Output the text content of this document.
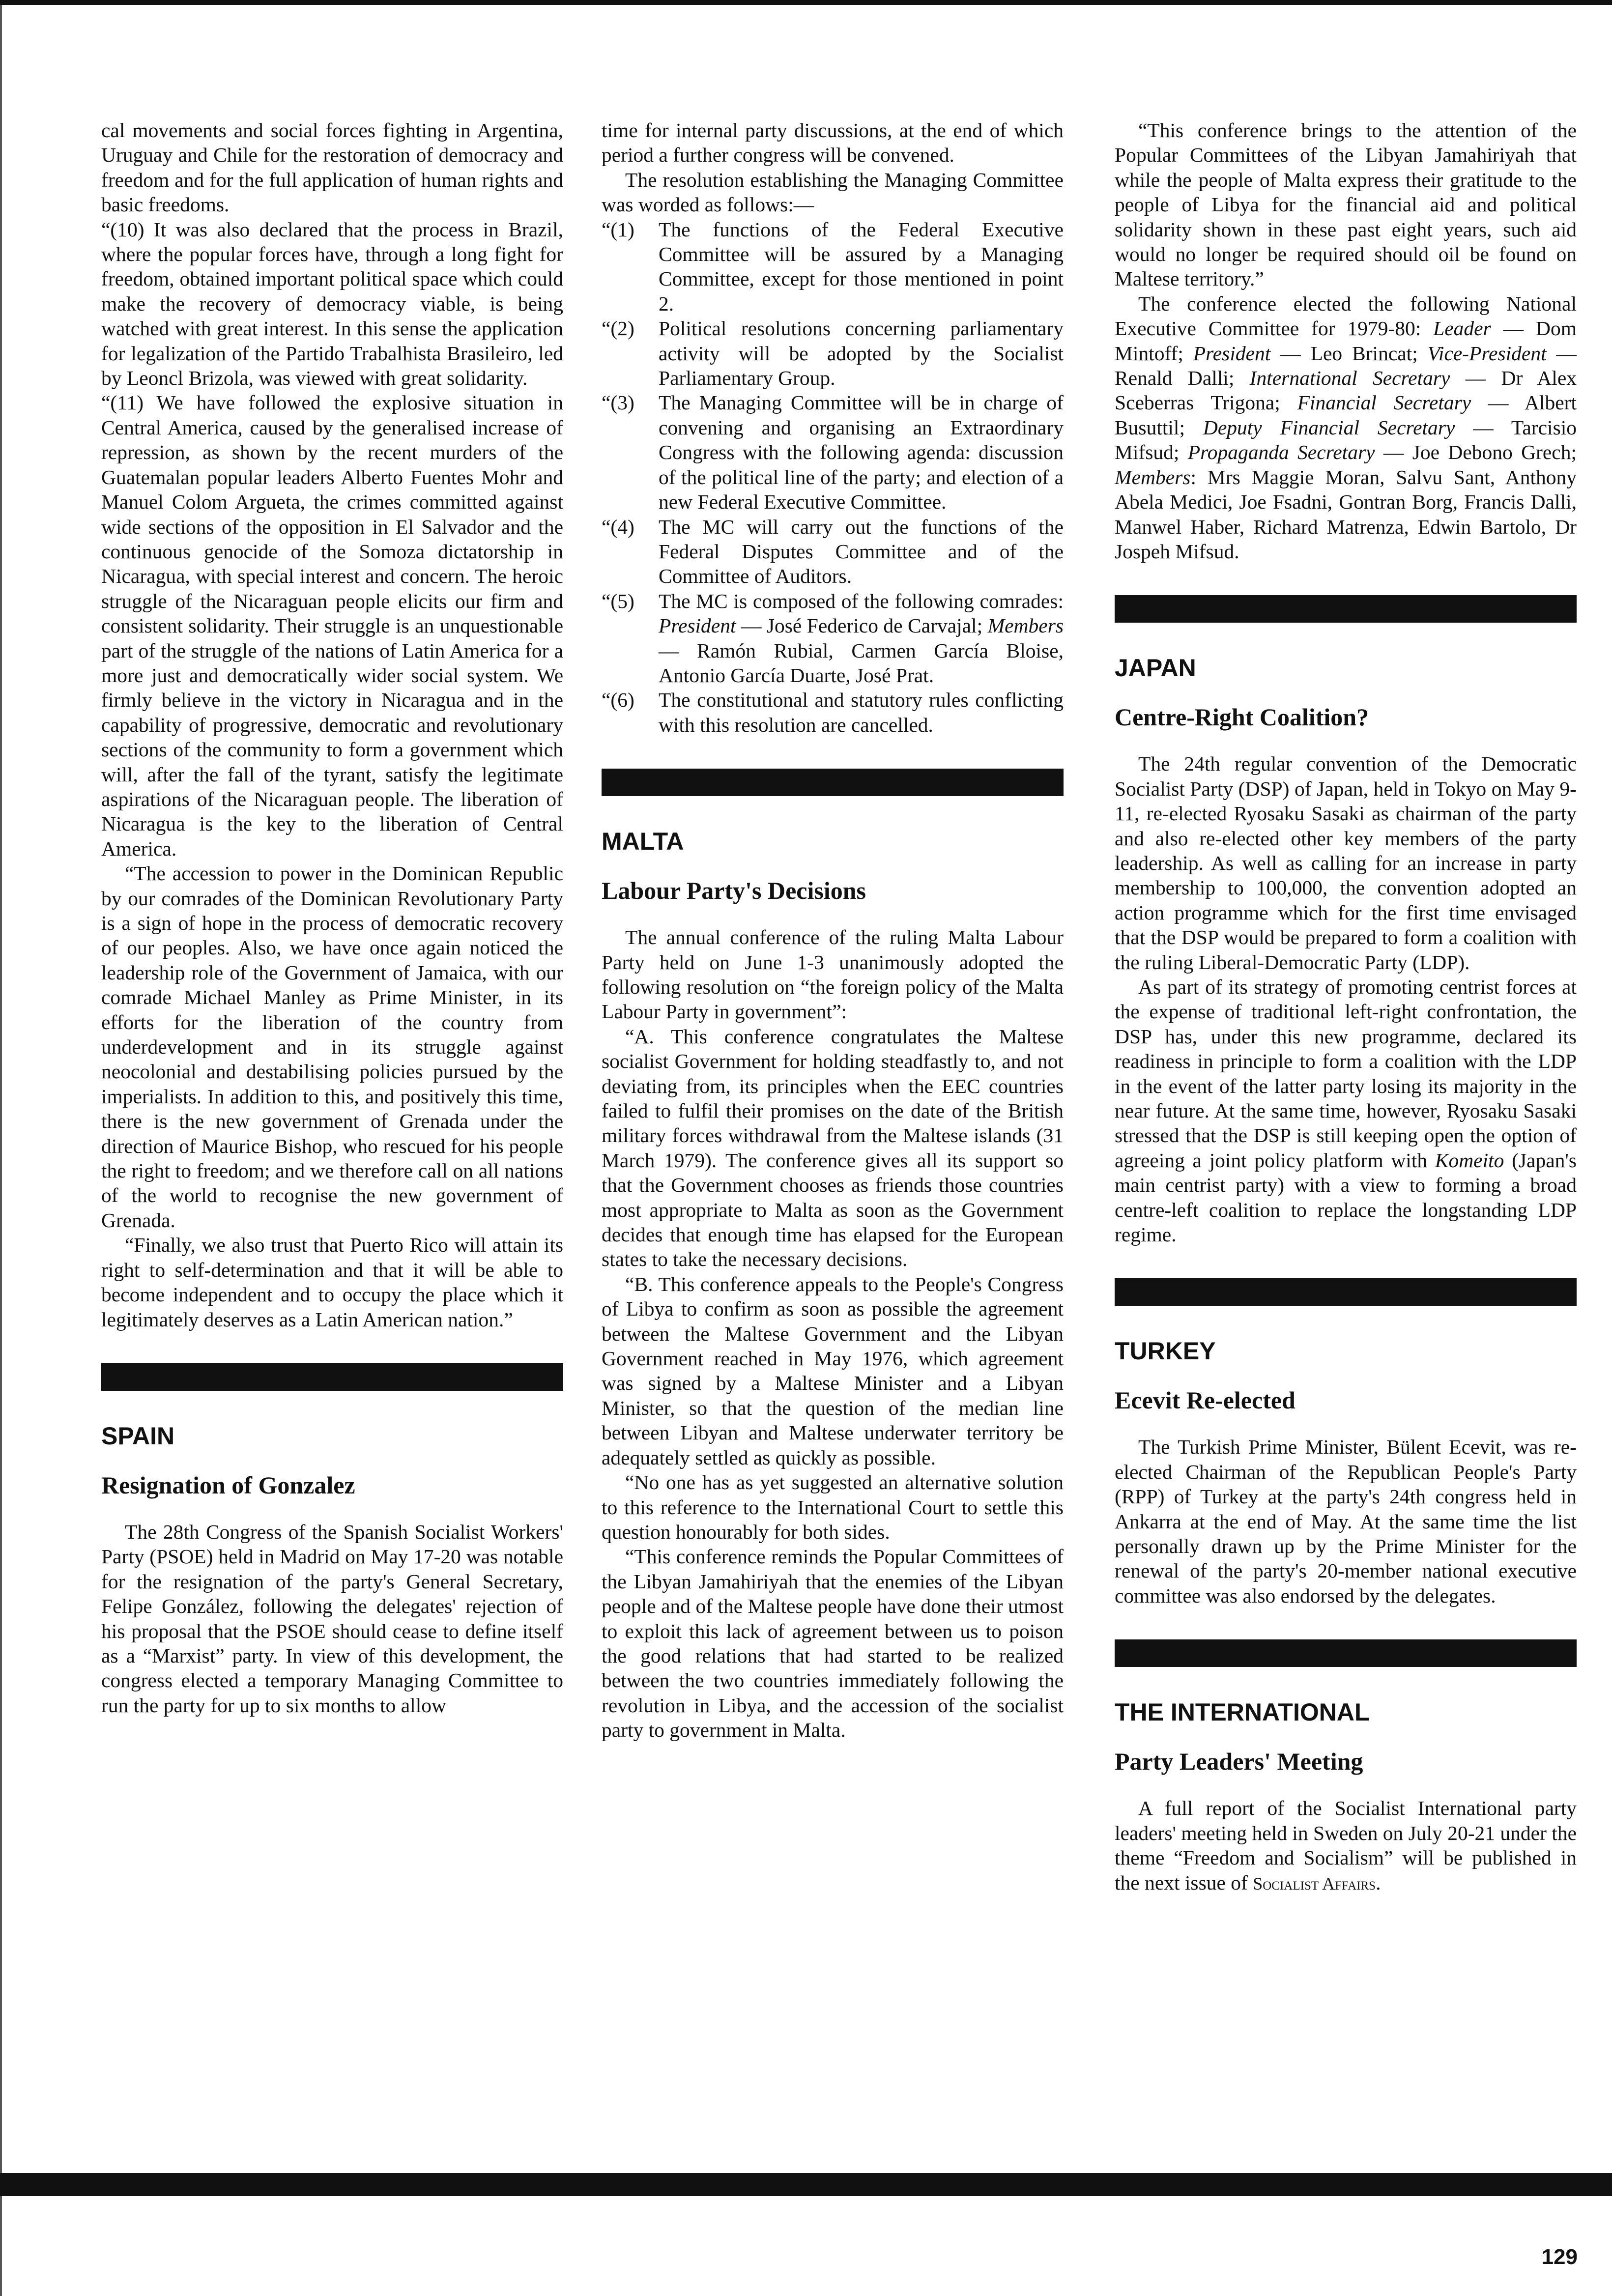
cal movements and social forces fighting in Argentina, Uruguay and Chile for the restoration of democracy and freedom and for the full application of human rights and basic freedoms.

“(10) It was also declared that the process in Brazil, where the popular forces have, through a long fight for freedom, obtained important political space which could make the recovery of democracy viable, is being watched with great interest. In this sense the application for legalization of the Partido Trabalhista Brasileiro, led by Leoncl Brizola, was viewed with great solidarity.

“(11) We have followed the explosive situation in Central America, caused by the generalised increase of repression, as shown by the recent murders of the Guatemalan popular leaders Alberto Fuentes Mohr and Manuel Colom Argueta, the crimes committed against wide sections of the opposition in El Salvador and the continuous genocide of the Somoza dictatorship in Nicaragua, with special interest and concern. The heroic struggle of the Nicaraguan people elicits our firm and consistent solidarity. Their struggle is an unquestionable part of the struggle of the nations of Latin America for a more just and democratically wider social system. We firmly believe in the victory in Nicaragua and in the capability of progressive, democratic and revolutionary sections of the community to form a government which will, after the fall of the tyrant, satisfy the legitimate aspirations of the Nicaraguan people. The liberation of Nicaragua is the key to the liberation of Central America.

“The accession to power in the Dominican Republic by our comrades of the Dominican Revolutionary Party is a sign of hope in the process of democratic recovery of our peoples. Also, we have once again noticed the leadership role of the Government of Jamaica, with our comrade Michael Manley as Prime Minister, in its efforts for the liberation of the country from underdevelopment and in its struggle against neocolonial and destabilising policies pursued by the imperialists. In addition to this, and positively this time, there is the new government of Grenada under the direction of Maurice Bishop, who rescued for his people the right to freedom; and we therefore call on all nations of the world to recognise the new government of Grenada.

“Finally, we also trust that Puerto Rico will attain its right to self-determination and that it will be able to become independent and to occupy the place which it legitimately deserves as a Latin American nation.”

SPAIN
Resignation of Gonzalez

The 28th Congress of the Spanish Socialist Workers' Party (PSOE) held in Madrid on May 17-20 was notable for the resignation of the party's General Secretary, Felipe González, following the delegates' rejection of his proposal that the PSOE should cease to define itself as a “Marxist” party. In view of this development, the congress elected a temporary Managing Committee to run the party for up to six months to allow

time for internal party discussions, at the end of which period a further congress will be convened.

The resolution establishing the Managing Committee was worded as follows:—

“(1)	The functions of the Federal Executive Committee will be assured by a Managing Committee, except for those mentioned in point 2.
“(2)	Political resolutions concerning parliamentary activity will be adopted by the Socialist Parliamentary Group.
“(3)	The Managing Committee will be in charge of convening and organising an Extraordinary Congress with the following agenda: discussion of the political line of the party; and election of a new Federal Executive Committee.
“(4)	The MC will carry out the functions of the Federal Disputes Committee and of the Committee of Auditors.
“(5)	The MC is composed of the following comrades: President — José Federico de Carvajal; Members — Ramón Rubial, Carmen García Bloise, Antonio García Duarte, José Prat.
“(6)	The constitutional and statutory rules conflicting with this resolution are cancelled.
MALTA
Labour Party's Decisions

The annual conference of the ruling Malta Labour Party held on June 1-3 unanimously adopted the following resolution on “the foreign policy of the Malta Labour Party in government”:

“A. This conference congratulates the Maltese socialist Government for holding steadfastly to, and not deviating from, its principles when the EEC countries failed to fulfil their promises on the date of the British military forces withdrawal from the Maltese islands (31 March 1979). The conference gives all its support so that the Government chooses as friends those countries most appropriate to Malta as soon as the Government decides that enough time has elapsed for the European states to take the necessary decisions.

“B. This conference appeals to the People's Congress of Libya to confirm as soon as possible the agreement between the Maltese Government and the Libyan Government reached in May 1976, which agreement was signed by a Maltese Minister and a Libyan Minister, so that the question of the median line between Libyan and Maltese underwater territory be adequately settled as quickly as possible.

“No one has as yet suggested an alternative solution to this reference to the International Court to settle this question honourably for both sides.

“This conference reminds the Popular Committees of the Libyan Jamahiriyah that the enemies of the Libyan people and of the Maltese people have done their utmost to exploit this lack of agreement between us to poison the good relations that had started to be realized between the two countries immediately following the revolution in Libya, and the accession of the socialist party to government in Malta.

“This conference brings to the attention of the Popular Committees of the Libyan Jamahiriyah that while the people of Malta express their gratitude to the people of Libya for the financial aid and political solidarity shown in these past eight years, such aid would no longer be required should oil be found on Maltese territory.”

The conference elected the following National Executive Committee for 1979-80: Leader — Dom Mintoff; President — Leo Brincat; Vice-President — Renald Dalli; International Secretary — Dr Alex Sceberras Trigona; Financial Secretary — Albert Busuttil; Deputy Financial Secretary — Tarcisio Mifsud; Propaganda Secretary — Joe Debono Grech; Members: Mrs Maggie Moran, Salvu Sant, Anthony Abela Medici, Joe Fsadni, Gontran Borg, Francis Dalli, Manwel Haber, Richard Matrenza, Edwin Bartolo, Dr Jospeh Mifsud.

JAPAN
Centre-Right Coalition?

The 24th regular convention of the Democratic Socialist Party (DSP) of Japan, held in Tokyo on May 9-11, re-elected Ryosaku Sasaki as chairman of the party and also re-elected other key members of the party leadership. As well as calling for an increase in party membership to 100,000, the convention adopted an action programme which for the first time envisaged that the DSP would be prepared to form a coalition with the ruling Liberal-Democratic Party (LDP).

As part of its strategy of promoting centrist forces at the expense of traditional left-right confrontation, the DSP has, under this new programme, declared its readiness in principle to form a coalition with the LDP in the event of the latter party losing its majority in the near future. At the same time, however, Ryosaku Sasaki stressed that the DSP is still keeping open the option of agreeing a joint policy platform with Komeito (Japan's main centrist party) with a view to forming a broad centre-left coalition to replace the longstanding LDP regime.

TURKEY
Ecevit Re-elected

The Turkish Prime Minister, Bülent Ecevit, was re-elected Chairman of the Republican People's Party (RPP) of Turkey at the party's 24th congress held in Ankarra at the end of May. At the same time the list personally drawn up by the Prime Minister for the renewal of the party's 20-member national executive committee was also endorsed by the delegates.

THE INTERNATIONAL
Party Leaders' Meeting

A full report of the Socialist International party leaders' meeting held in Sweden on July 20-21 under the theme “Freedom and Socialism” will be published in the next issue of Socialist Affairs.

129
